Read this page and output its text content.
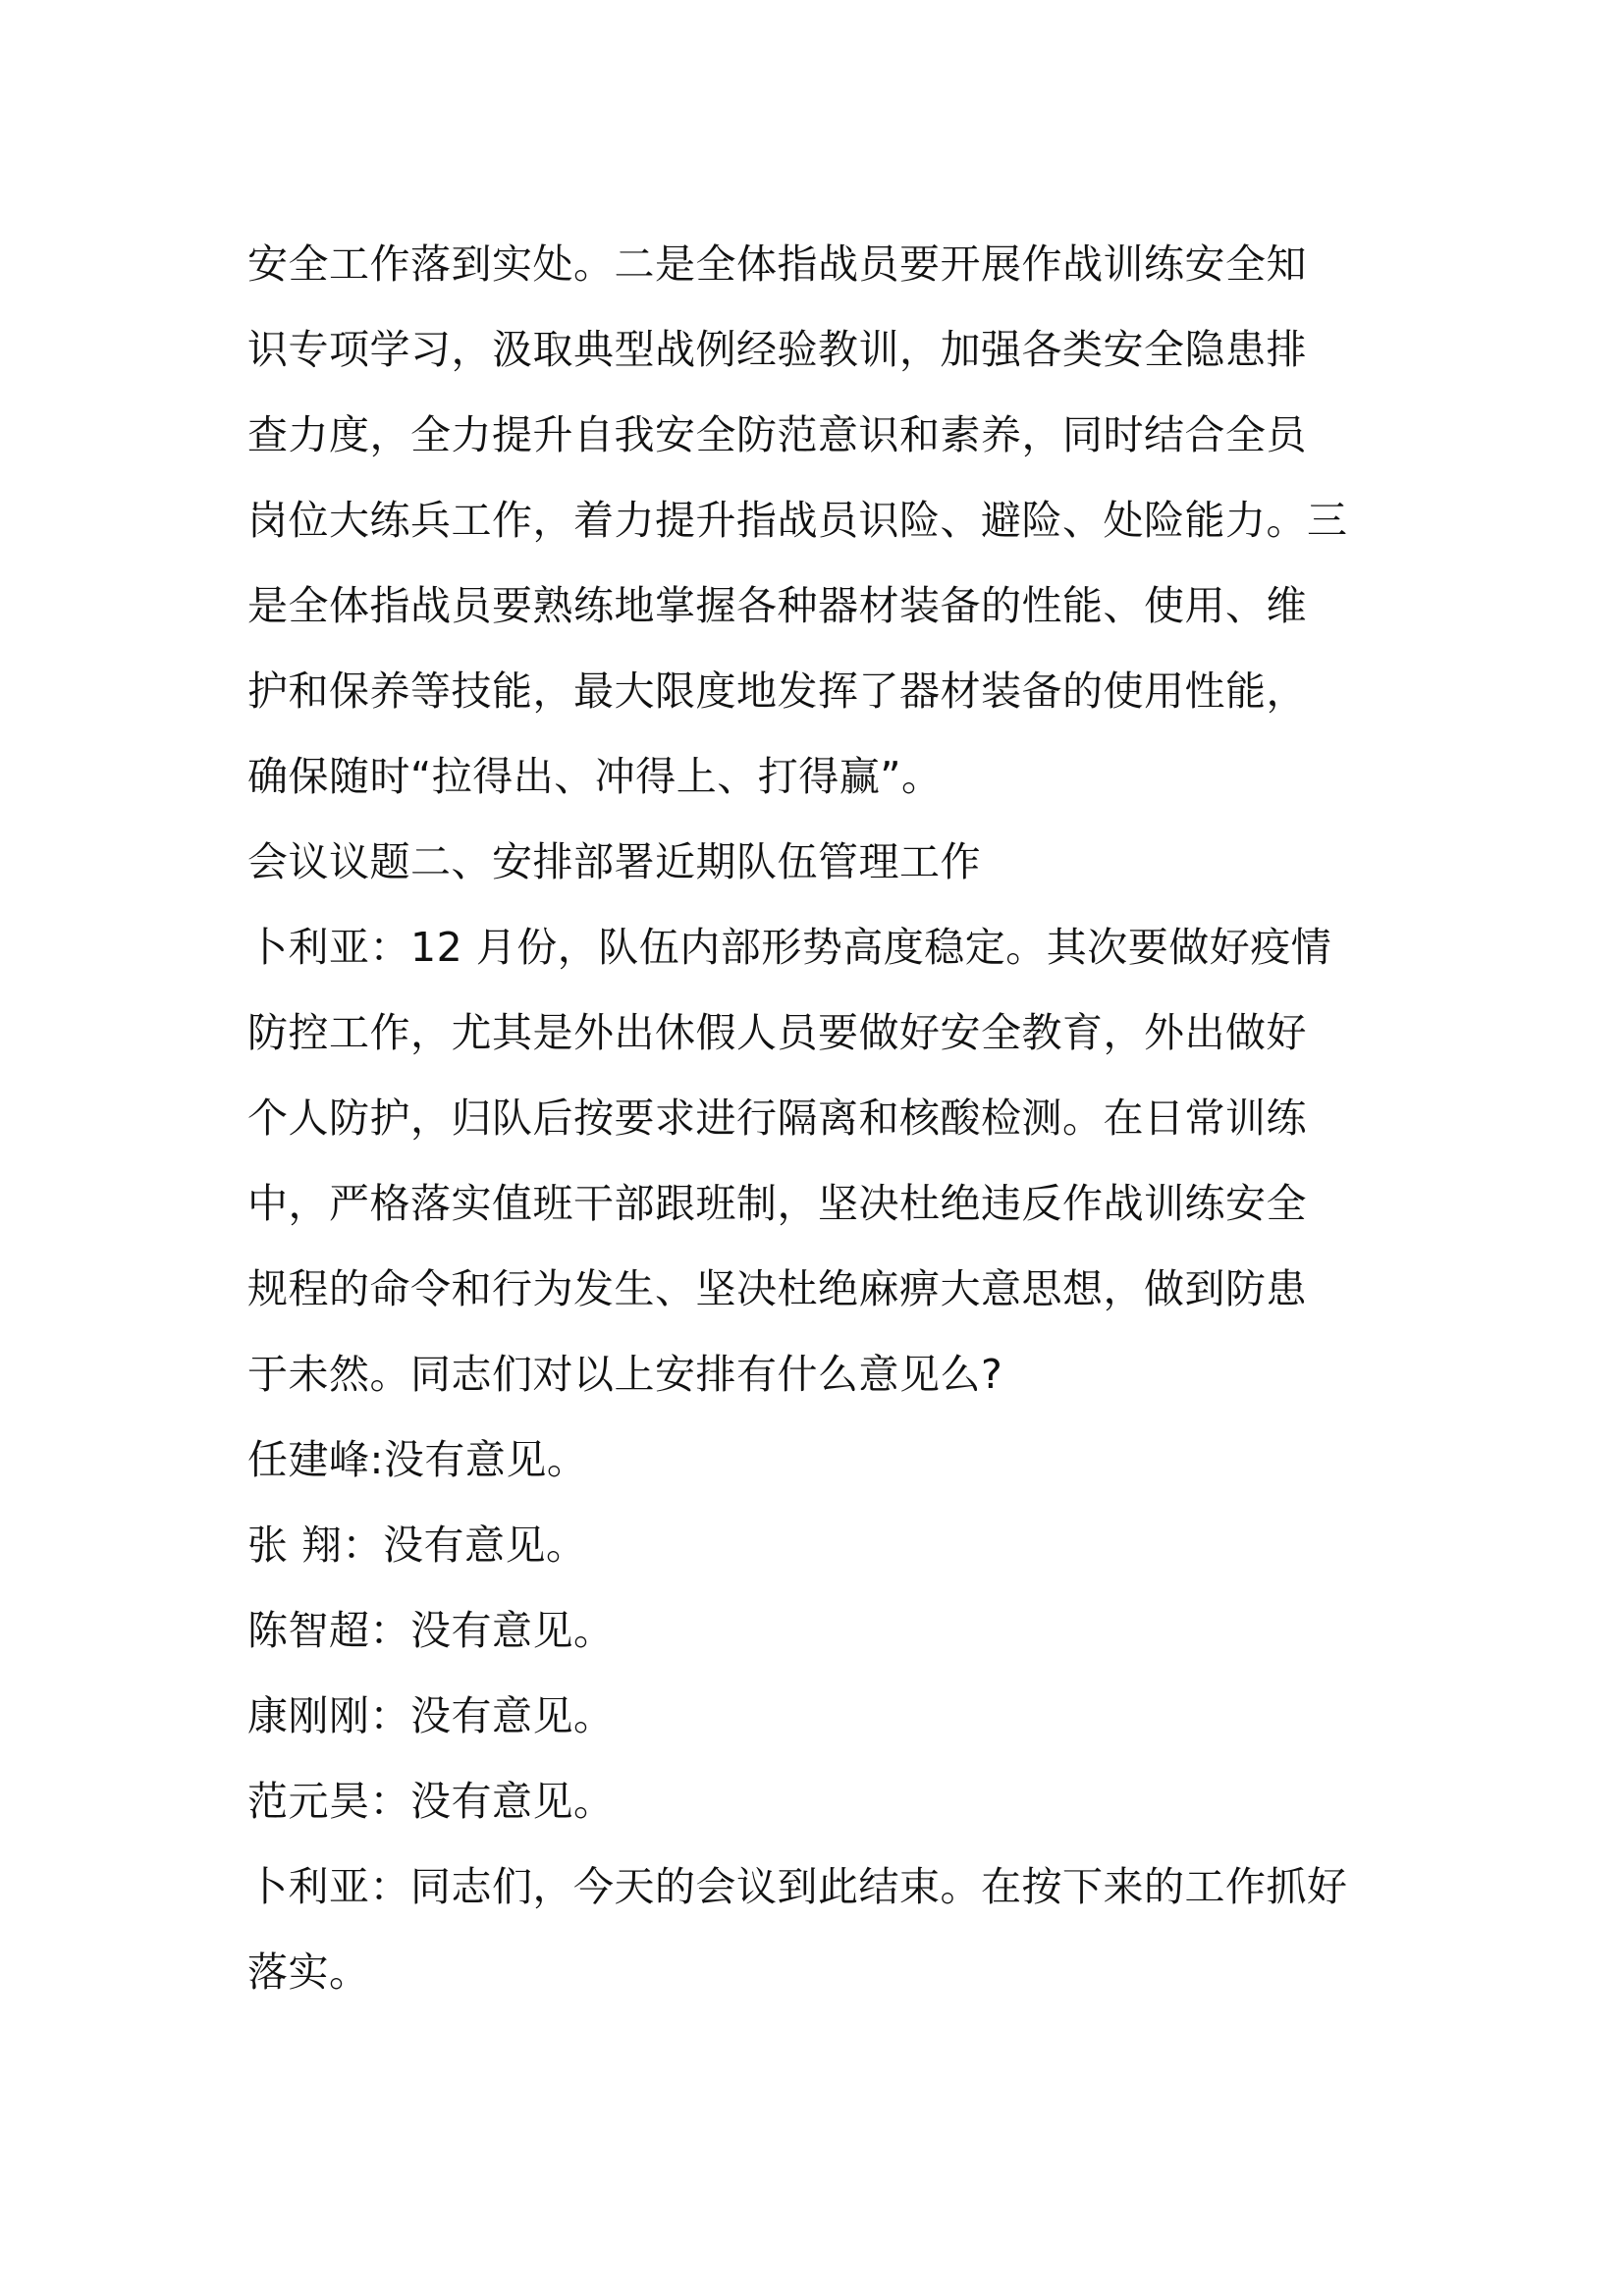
安全工作落到实处。二是全体指战员要开展作战训练安全知
识专项学习，汲取典型战例经验教训，加强各类安全隐患排
查力度，全力提升自我安全防范意识和素养，同时结合全员
岗位大练兵工作，着力提升指战员识险、避险、处险能力。三
是全体指战员要熟练地掌握各种器材装备的性能、使用、维
护和保养等技能，最大限度地发挥了器材装备的使用性能，
确保随时“拉得出、冲得上、打得赢”。
会议议题二、安排部署近期队伍管理工作
卜利亚：12 月份，队伍内部形势高度稳定。其次要做好疫情
防控工作，尤其是外出休假人员要做好安全教育，外出做好
个人防护，归队后按要求进行隔离和核酸检测。在日常训练
中，严格落实值班干部跟班制，坚决杜绝违反作战训练安全
规程的命令和行为发生、坚决杜绝麻痹大意思想，做到防患
于未然。同志们对以上安排有什么意见么?
任建峰:没有意见。
张 翔：没有意见。
陈智超：没有意见。
康刚刚：没有意见。
范元昊：没有意见。
卜利亚：同志们，今天的会议到此结束。在按下来的工作抓好
落实。
